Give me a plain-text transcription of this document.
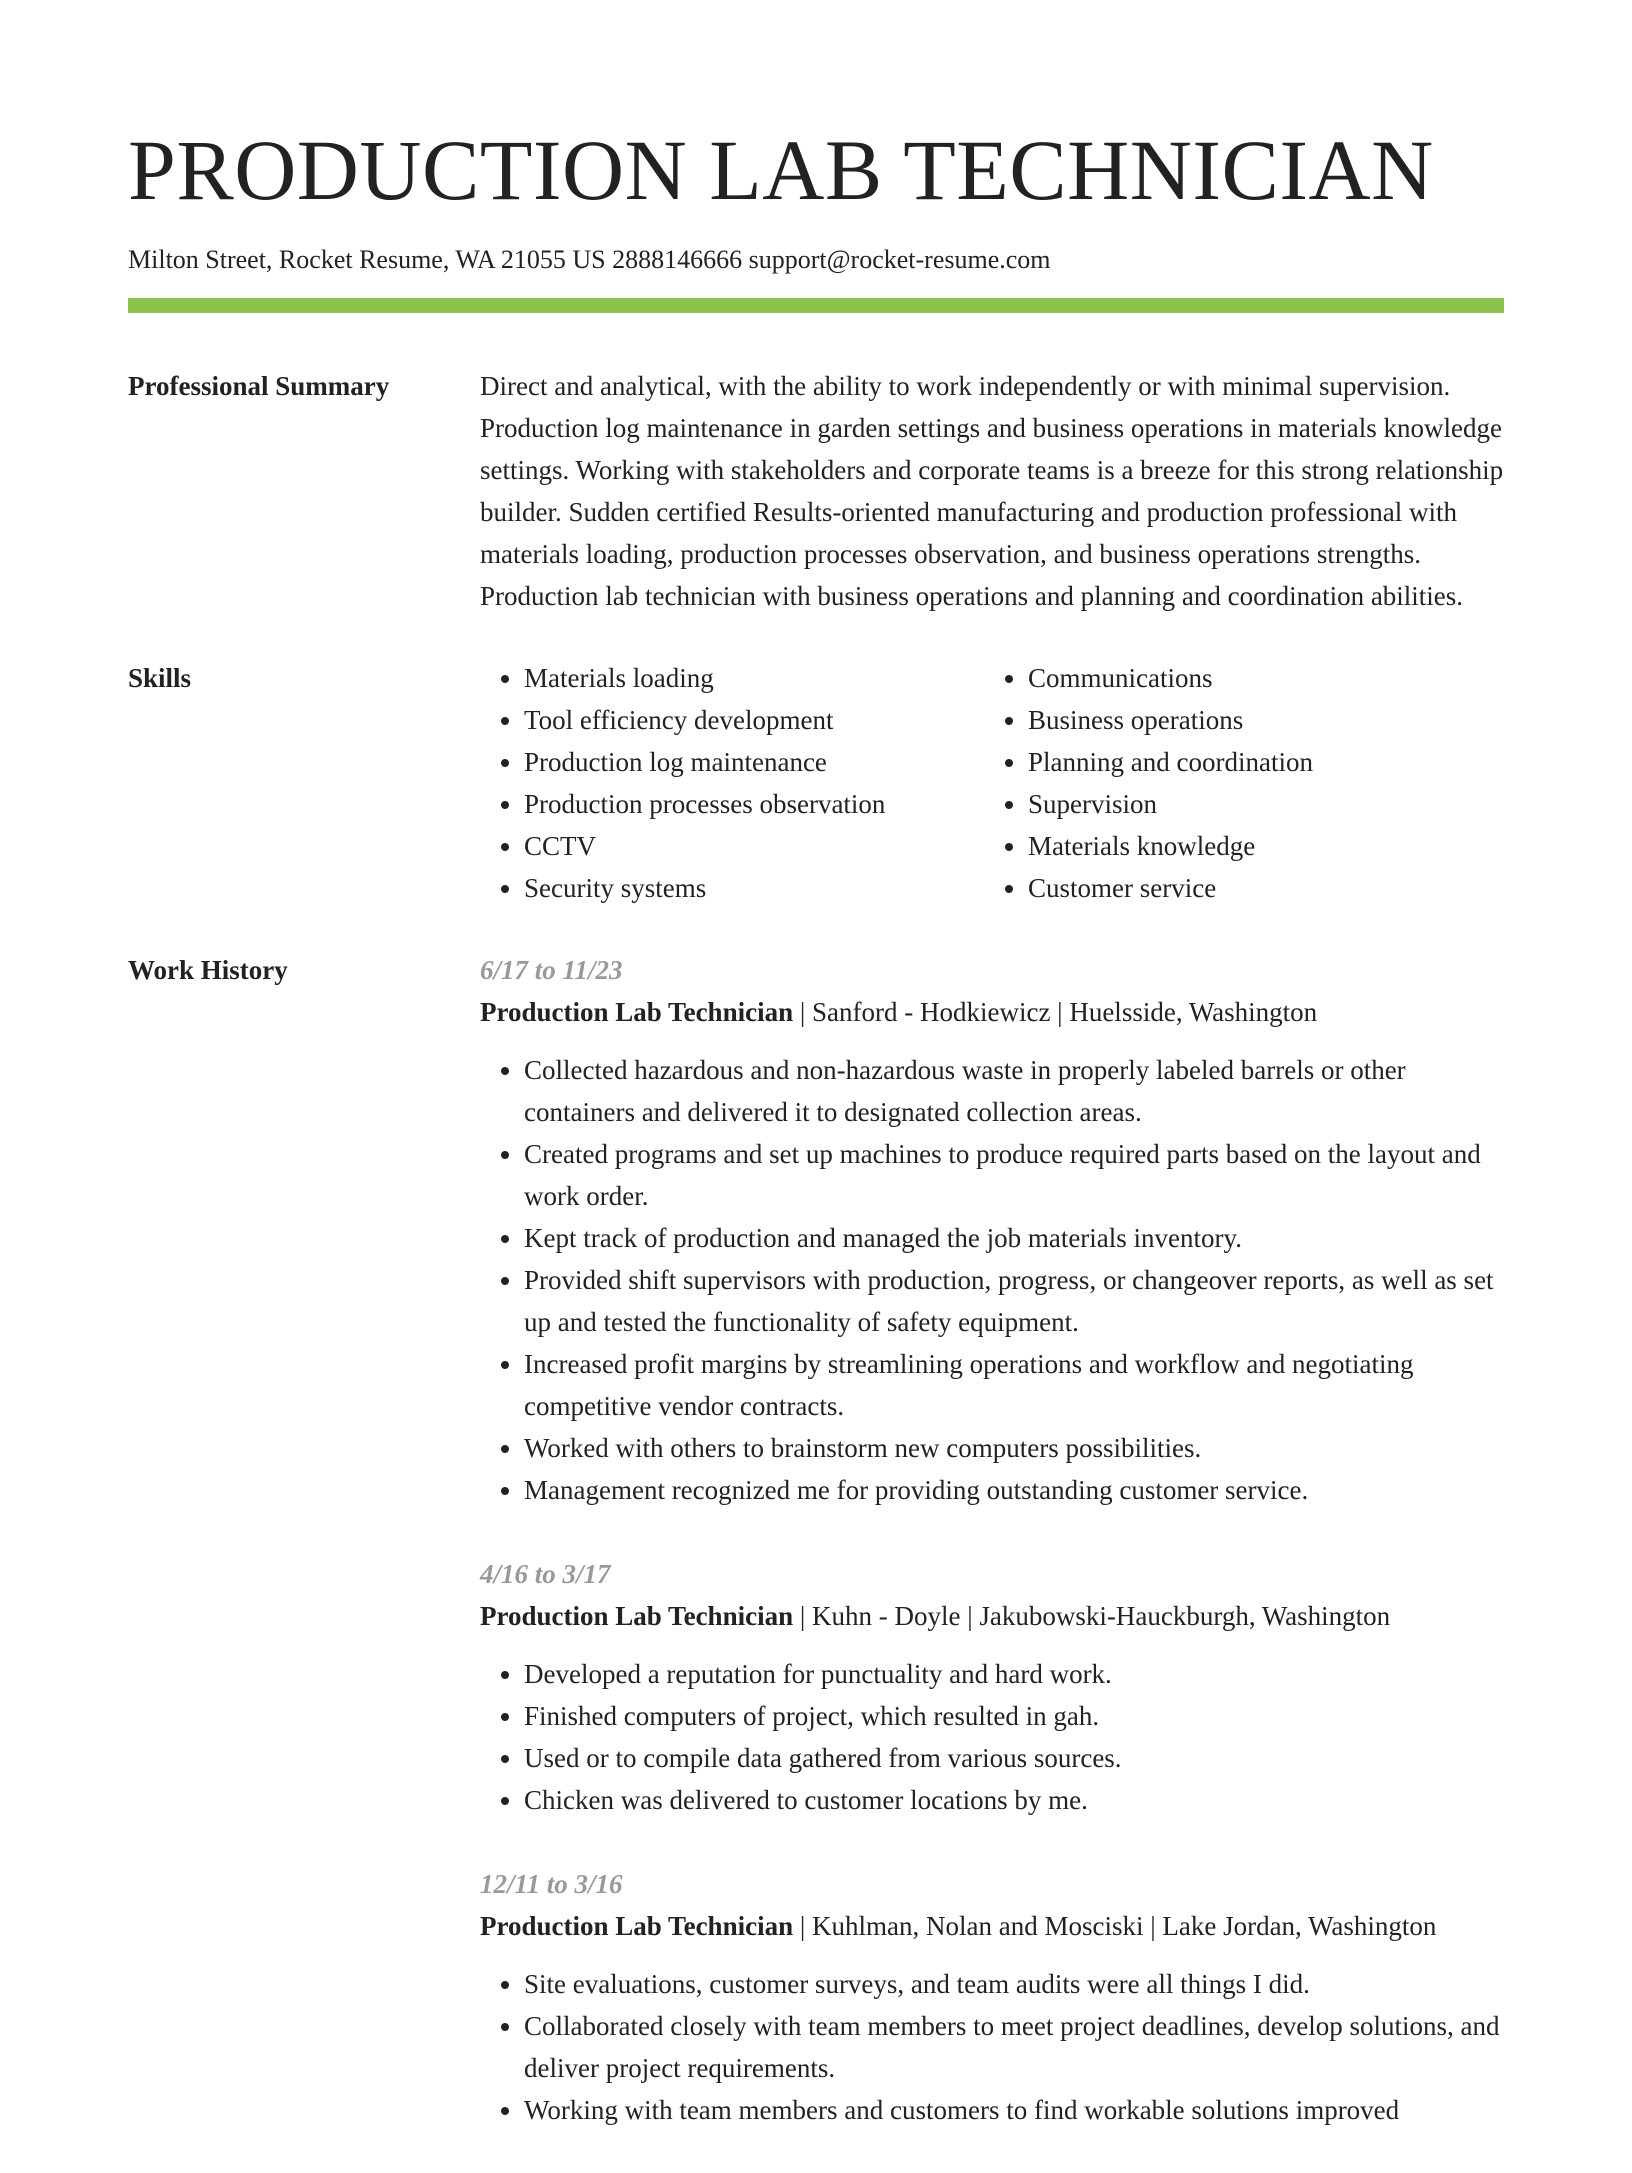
PRODUCTION LAB TECHNICIAN
Milton Street, Rocket Resume, WA 21055 US 2888146666 support@rocket-resume.com
Professional Summary	Direct and analytical, with the ability to work independently or with minimal supervision. Production log maintenance in garden settings and business operations in materials knowledge settings. Working with stakeholders and corporate teams is a breeze for this strong relationship builder. Sudden certified Results-oriented manufacturing and production professional with materials loading, production processes observation, and business operations strengths. Production lab technician with business operations and planning and coordination abilities.

Skills
•	Materials loading
• Tool efficiency development
• Production log maintenance
• Production processes observation
• CCTV
• Security systems
• Communications
• Business operations
• Planning and coordination
• Supervision
• Materials knowledge
• Customer service
Work History	6/17 to 11/23
Production Lab Technician | Sanford - Hodkiewicz | Huelsside, Washington
• Collected hazardous and non-hazardous waste in properly labeled barrels or other containers and delivered it to designated collection areas.
• Created programs and set up machines to produce required parts based on the layout and work order.
• Kept track of production and managed the job materials inventory.
• Provided shift supervisors with production, progress, or changeover reports, as well as set up and tested the functionality of safety equipment.
• Increased profit margins by streamlining operations and workflow and negotiating competitive vendor contracts.
• Worked with others to brainstorm new computers possibilities.
• Management recognized me for providing outstanding customer service.
4/16 to 3/17
Production Lab Technician | Kuhn - Doyle | Jakubowski-Hauckburgh, Washington
• Developed a reputation for punctuality and hard work.
• Finished computers of project, which resulted in gah.
• Used or to compile data gathered from various sources.
• Chicken was delivered to customer locations by me.
12/11 to 3/16
Production Lab Technician | Kuhlman, Nolan and Mosciski | Lake Jordan, Washington
• Site evaluations, customer surveys, and team audits were all things I did.
• Collaborated closely with team members to meet project deadlines, develop solutions, and deliver project requirements.
• Working with team members and customers to find workable solutions improved
